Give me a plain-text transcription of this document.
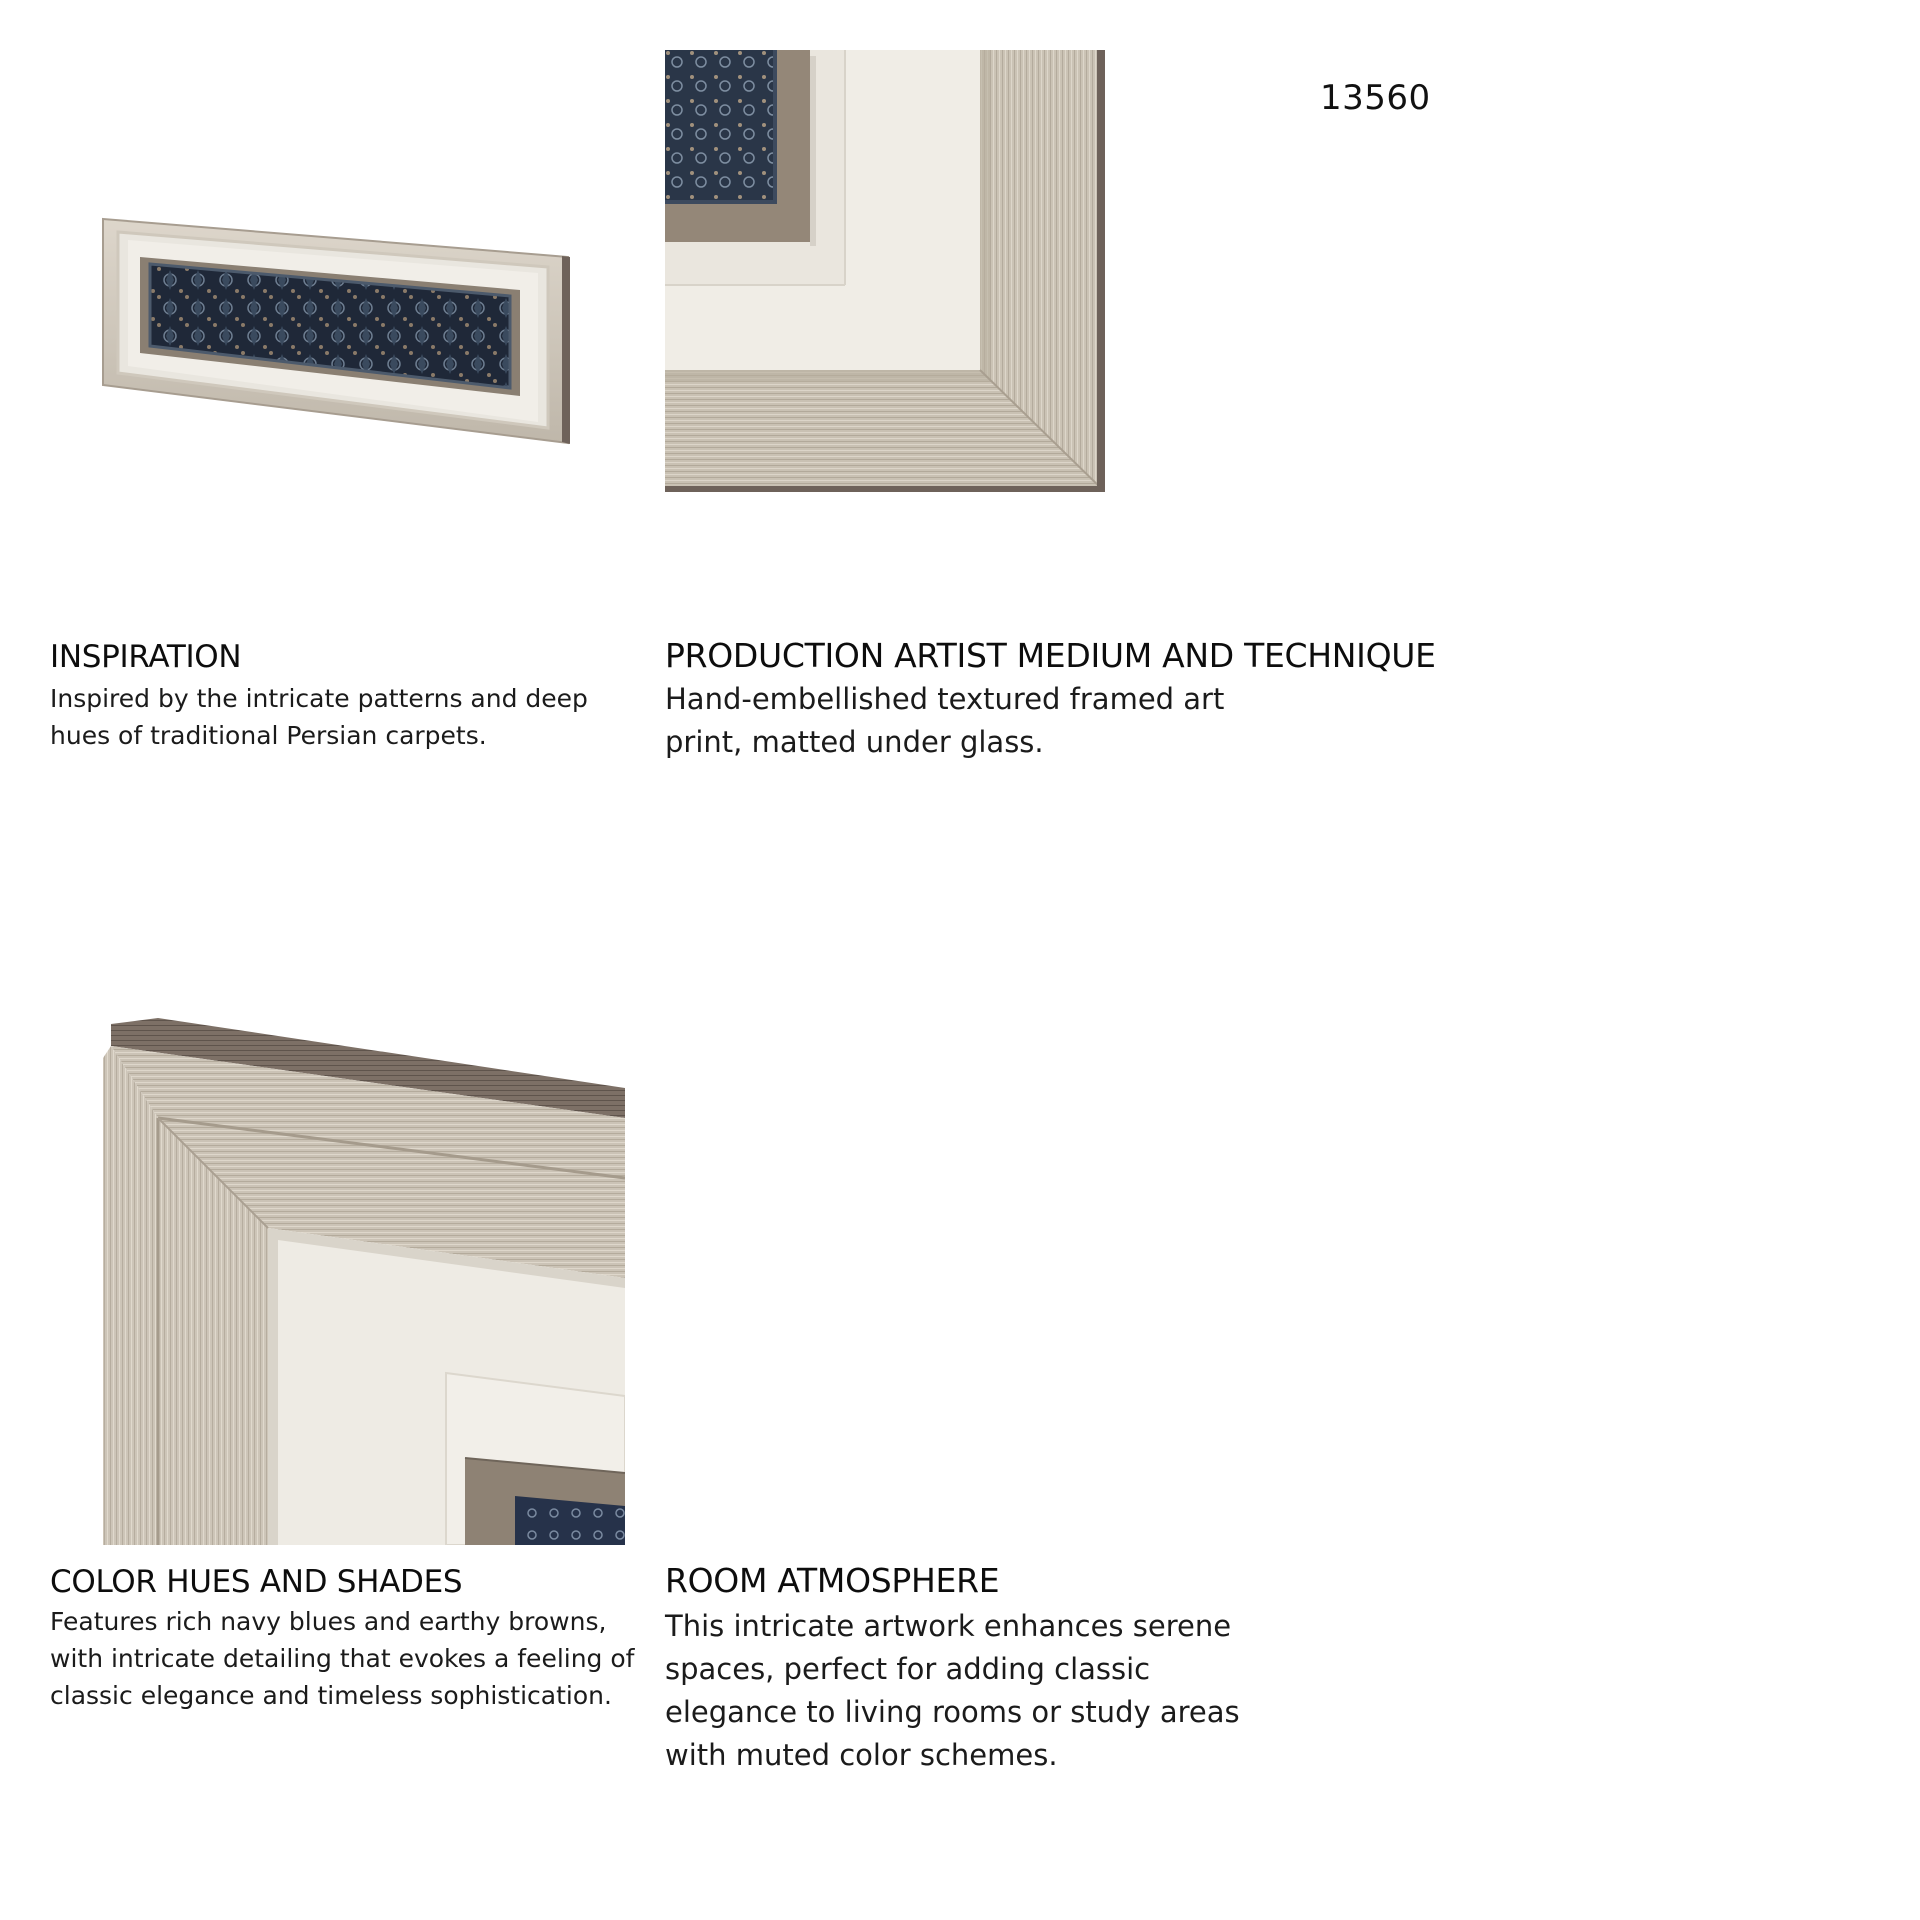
13560
INSPIRATION
Inspired by the intricate patterns and deep
hues of traditional Persian carpets.
PRODUCTION ARTIST MEDIUM AND TECHNIQUE
Hand-embellished textured framed art
print, matted under glass.
COLOR HUES AND SHADES
Features rich navy blues and earthy browns,
with intricate detailing that evokes a feeling of
classic elegance and timeless sophistication.
ROOM ATMOSPHERE
This intricate artwork enhances serene
spaces, perfect for adding classic
elegance to living rooms or study areas
with muted color schemes.
